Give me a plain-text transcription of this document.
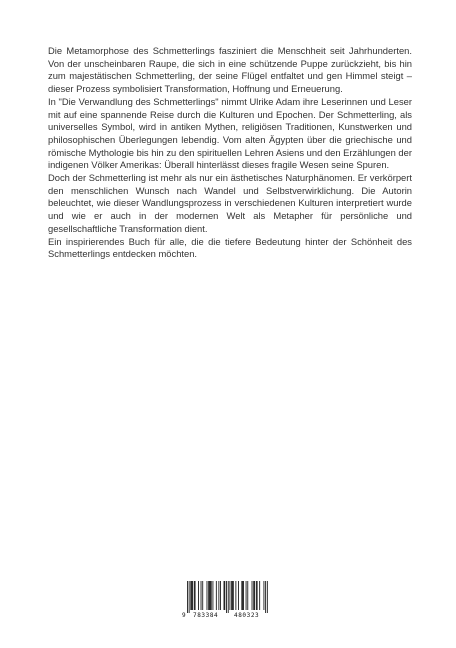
Die Metamorphose des Schmetterlings fasziniert die Menschheit seit Jahrhunderten. Von der unscheinbaren Raupe, die sich in eine schützende Puppe zurückzieht, bis hin zum majestätischen Schmetterling, der seine Flügel entfaltet und gen Himmel steigt – dieser Prozess symbolisiert Transformation, Hoffnung und Erneuerung.

In "Die Verwandlung des Schmetterlings" nimmt Ulrike Adam ihre Leserinnen und Leser mit auf eine spannende Reise durch die Kulturen und Epochen. Der Schmetterling, als universelles Symbol, wird in antiken Mythen, religiösen Traditionen, Kunstwerken und philosophischen Überlegungen lebendig. Vom alten Ägypten über die griechische und römische Mythologie bis hin zu den spirituellen Lehren Asiens und den Erzählungen der indigenen Völker Amerikas: Überall hinterlässt dieses fragile Wesen seine Spuren.

Doch der Schmetterling ist mehr als nur ein ästhetisches Naturphänomen. Er verkörpert den menschlichen Wunsch nach Wandel und Selbstverwirklichung. Die Autorin beleuchtet, wie dieser Wandlungsprozess in verschiedenen Kulturen interpretiert wurde und wie er auch in der modernen Welt als Metapher für persönliche und gesellschaftliche Transformation dient.

Ein inspirierendes Buch für alle, die die tiefere Bedeutung hinter der Schönheit des Schmetterlings entdecken möchten.

9 783384	480323
